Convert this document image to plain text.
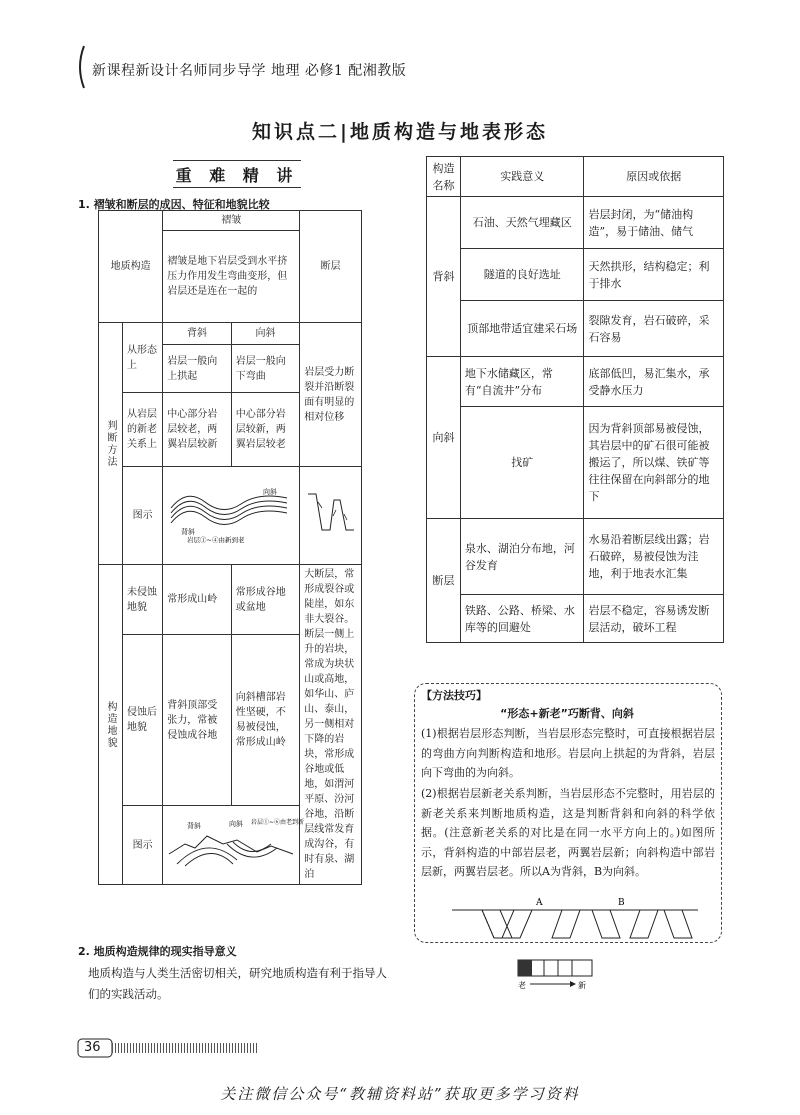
新课程新设计名师同步导学 地理 必修1 配湘教版
知识点二|地质构造与地表形态
重 难 精 讲
1. 褶皱和断层的成因、特征和地貌比较
地质构造		褶皱		断层
		褶皱是地下岩层受到水平挤压力作用发生弯曲变形，但岩层还是连在一起的		
判断方法	从形态上	背斜	向斜	岩层受力断裂并沿断裂面有明显的相对位移
		岩层一般向上拱起	岩层一般向下弯曲	
	从岩层的新老关系上	中心部分岩层较老，两翼岩层较新	中心部分岩层较新，两翼岩层较老	
	图示	向斜
背斜
岩层①~④由新到老

构造地貌	未侵蚀地貌	常形成山岭	常形成谷地或盆地	大断层，常形成裂谷或陡崖，如东非大裂谷。断层一侧上升的岩块，常成为块状山或高地，如华山、庐山、泰山，另一侧相对下降的岩块，常形成谷地或低地，如渭河平原、汾河谷地，沿断层线常发育成沟谷，有时有泉、湖泊
	侵蚀后地貌	背斜顶部受张力，常被侵蚀成谷地	向斜槽部岩性坚硬，不易被侵蚀，常形成山岭	
	图示	背斜 向斜 岩层①~⑥由老到新		
2. 地质构造规律的现实指导意义
地质构造与人类生活密切相关，研究地质构造有利于指导人们的实践活动。
构造名称	实践意义	原因或依据
背斜	石油、天然气埋藏区	岩层封闭，为“储油构造”，易于储油、储气
	隧道的良好选址	天然拱形，结构稳定；利于排水
	顶部地带适宜建采石场	裂隙发育，岩石破碎，采石容易
向斜	地下水储藏区，常有“自流井”分布	底部低凹，易汇集水，承受静水压力
	找矿	因为背斜顶部易被侵蚀，其岩层中的矿石很可能被搬运了，所以煤、铁矿等往往保留在向斜部分的地下
断层	泉水、湖泊分布地，河谷发育	水易沿着断层线出露；岩石破碎，易被侵蚀为洼地，利于地表水汇集
	铁路、公路、桥梁、水库等的回避处	岩层不稳定，容易诱发断层活动，破坏工程
【方法技巧】
“形态+新老”巧断背、向斜
(1)根据岩层形态判断，当岩层形态完整时，可直接根据岩层的弯曲方向判断构造和地形。岩层向上拱起的为背斜，岩层向下弯曲的为向斜。
(2)根据岩层新老关系判断，当岩层形态不完整时，用岩层的新老关系来判断地质构造，这是判断背斜和向斜的科学依据。(注意新老关系的对比是在同一水平方向上的。)如图所示，背斜构造的中部岩层老，两翼岩层新；向斜构造中部岩层新，两翼岩层老。所以A为背斜，B为向斜。
A	B
老	新
36
关注微信公众号“教辅资料站”获取更多学习资料
